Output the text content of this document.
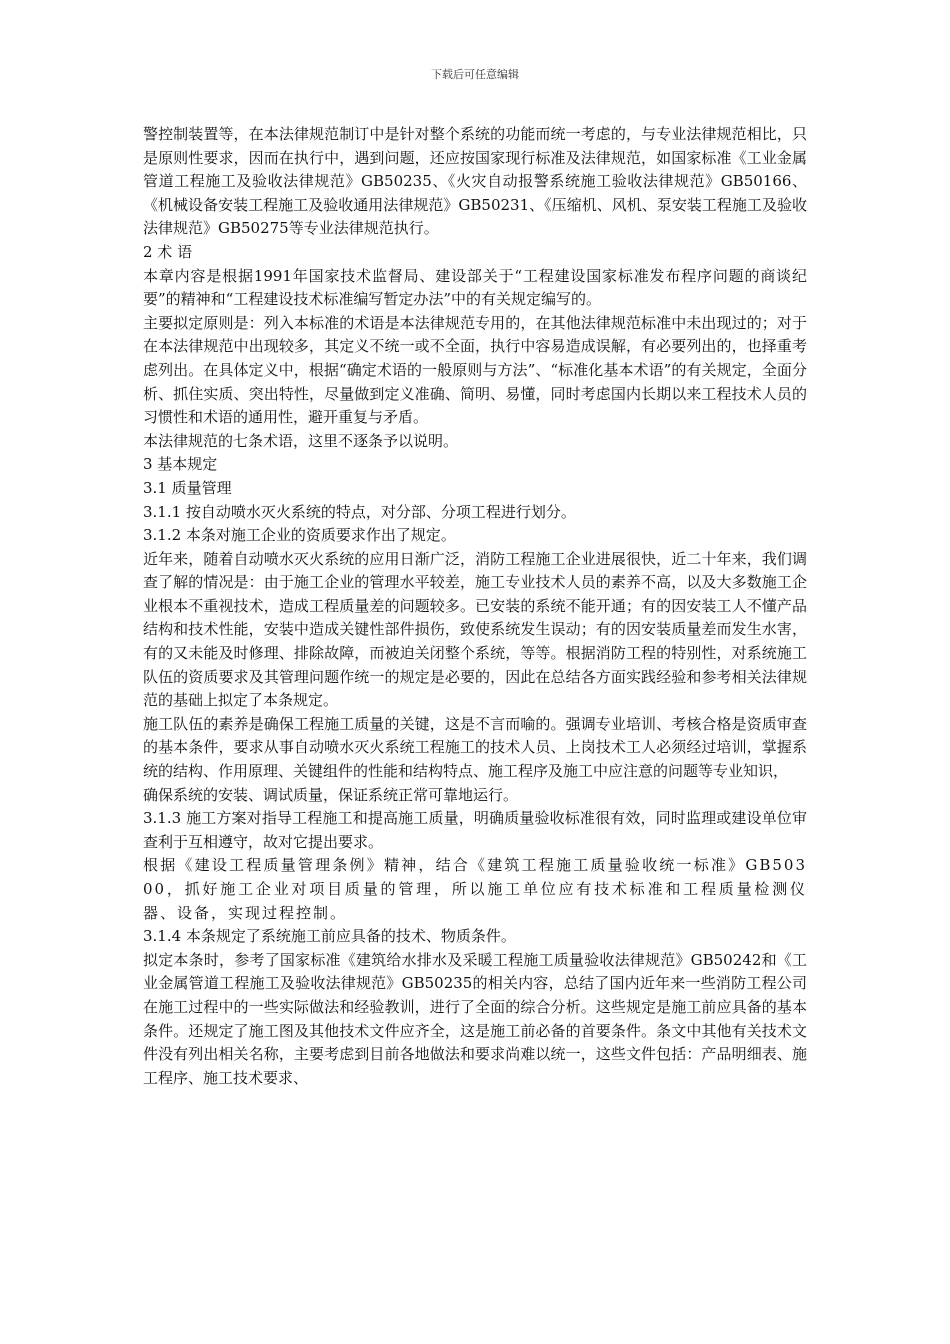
下载后可任意编辑

警控制装置等，在本法律规范制订中是针对整个系统的功能而统一考虑的，与专业法律规范相比，只是原则性要求，因而在执行中，遇到问题，还应按国家现行标准及法律规范，如国家标准《工业金属管道工程施工及验收法律规范》GB50235、《火灾自动报警系统施工验收法律规范》GB50166、《机械设备安装工程施工及验收通用法律规范》GB50231、《压缩机、风机、泵安装工程施工及验收法律规范》GB50275等专业法律规范执行。

2 术 语

本章内容是根据1991年国家技术监督局、建设部关于“工程建设国家标准发布程序问题的商谈纪要”的精神和“工程建设技术标准编写暂定办法”中的有关规定编写的。

主要拟定原则是：列入本标准的术语是本法律规范专用的，在其他法律规范标准中未出现过的；对于在本法律规范中出现较多，其定义不统一或不全面，执行中容易造成误解，有必要列出的，也择重考虑列出。在具体定义中，根据“确定术语的一般原则与方法”、“标准化基本术语”的有关规定，全面分析、抓住实质、突出特性，尽量做到定义准确、简明、易懂，同时考虑国内长期以来工程技术人员的习惯性和术语的通用性，避开重复与矛盾。

本法律规范的七条术语，这里不逐条予以说明。

3 基本规定

3.1 质量管理

3.1.1 按自动喷水灭火系统的特点，对分部、分项工程进行划分。

3.1.2 本条对施工企业的资质要求作出了规定。

近年来，随着自动喷水灭火系统的应用日渐广泛，消防工程施工企业进展很快，近二十年来，我们调查了解的情况是：由于施工企业的管理水平较差，施工专业技术人员的素养不高，以及大多数施工企业根本不重视技术，造成工程质量差的问题较多。已安装的系统不能开通；有的因安装工人不懂产品结构和技术性能，安装中造成关键性部件损伤，致使系统发生误动；有的因安装质量差而发生水害，有的又未能及时修理、排除故障，而被迫关闭整个系统，等等。根据消防工程的特别性，对系统施工队伍的资质要求及其管理问题作统一的规定是必要的，因此在总结各方面实践经验和参考相关法律规范的基础上拟定了本条规定。

施工队伍的素养是确保工程施工质量的关键，这是不言而喻的。强调专业培训、考核合格是资质审查的基本条件，要求从事自动喷水灭火系统工程施工的技术人员、上岗技术工人必须经过培训，掌握系统的结构、作用原理、关键组件的性能和结构特点、施工程序及施工中应注意的问题等专业知识，

确保系统的安装、调试质量，保证系统正常可靠地运行。

3.1.3 施工方案对指导工程施工和提高施工质量，明确质量验收标准很有效，同时监理或建设单位审查利于互相遵守，故对它提出要求。

根据《建设工程质量管理条例》精神，结合《建筑工程施工质量验收统一标准》GB50300，抓好施工企业对项目质量的管理，所以施工单位应有技术标准和工程质量检测仪器、设备，实现过程控制。

3.1.4 本条规定了系统施工前应具备的技术、物质条件。

拟定本条时，参考了国家标准《建筑给水排水及采暖工程施工质量验收法律规范》GB50242和《工业金属管道工程施工及验收法律规范》GB50235的相关内容，总结了国内近年来一些消防工程公司在施工过程中的一些实际做法和经验教训，进行了全面的综合分析。这些规定是施工前应具备的基本条件。还规定了施工图及其他技术文件应齐全，这是施工前必备的首要条件。条文中其他有关技术文件没有列出相关名称，主要考虑到目前各地做法和要求尚难以统一，这些文件包括：产品明细表、施工程序、施工技术要求、
